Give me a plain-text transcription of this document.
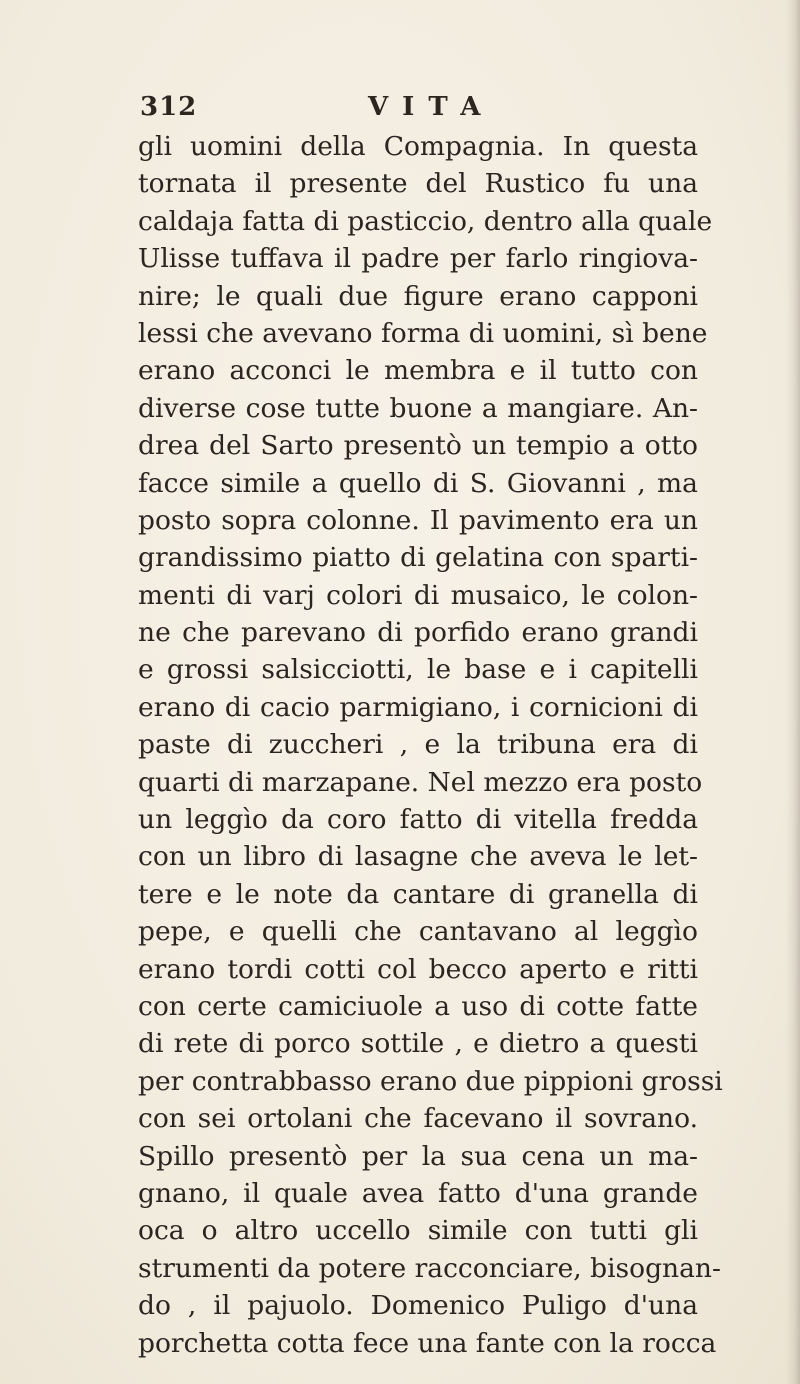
312	VITA
gli uomini della Compagnia. In questa
tornata il presente del Rustico fu una
caldaja fatta di pasticcio, dentro alla quale
Ulisse tuffava il padre per farlo ringiova-
nire; le quali due figure erano capponi
lessi che avevano forma di uomini, sì bene
erano acconci le membra e il tutto con
diverse cose tutte buone a mangiare. An-
drea del Sarto presentò un tempio a otto
facce simile a quello di S. Giovanni , ma
posto sopra colonne. Il pavimento era un
grandissimo piatto di gelatina con sparti-
menti di varj colori di musaico, le colon-
ne che parevano di porfido erano grandi
e grossi salsicciotti, le base e i capitelli
erano di cacio parmigiano, i cornicioni di
paste di zuccheri , e la tribuna era di
quarti di marzapane. Nel mezzo era posto
un leggìo da coro fatto di vitella fredda
con un libro di lasagne che aveva le let-
tere e le note da cantare di granella di
pepe, e quelli che cantavano al leggìo
erano tordi cotti col becco aperto e ritti
con certe camiciuole a uso di cotte fatte
di rete di porco sottile , e dietro a questi
per contrabbasso erano due pippioni grossi
con sei ortolani che facevano il sovrano.
Spillo presentò per la sua cena un ma-
gnano, il quale avea fatto d'una grande
oca o altro uccello simile con tutti gli
strumenti da potere racconciare, bisognan-
do , il pajuolo. Domenico Puligo d'una
porchetta cotta fece una fante con la rocca
